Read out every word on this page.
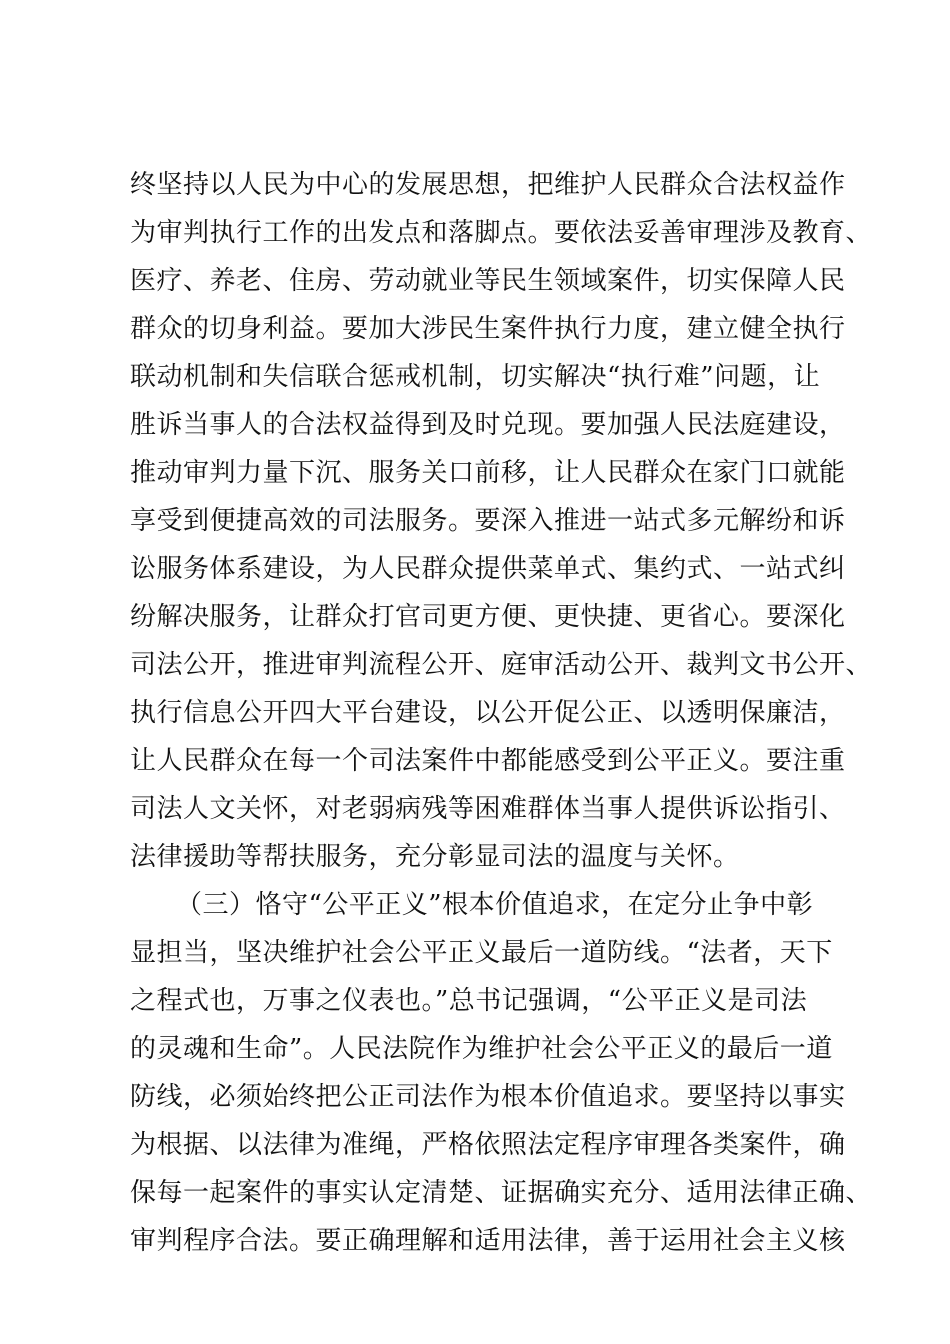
终坚持以人民为中心的发展思想，把维护人民群众合法权益作
为审判执行工作的出发点和落脚点。要依法妥善审理涉及教育、
医疗、养老、住房、劳动就业等民生领域案件，切实保障人民
群众的切身利益。要加大涉民生案件执行力度，建立健全执行
联动机制和失信联合惩戒机制，切实解决“执行难”问题，让
胜诉当事人的合法权益得到及时兑现。要加强人民法庭建设，
推动审判力量下沉、服务关口前移，让人民群众在家门口就能
享受到便捷高效的司法服务。要深入推进一站式多元解纷和诉
讼服务体系建设，为人民群众提供菜单式、集约式、一站式纠
纷解决服务，让群众打官司更方便、更快捷、更省心。要深化
司法公开，推进审判流程公开、庭审活动公开、裁判文书公开、
执行信息公开四大平台建设，以公开促公正、以透明保廉洁，
让人民群众在每一个司法案件中都能感受到公平正义。要注重
司法人文关怀，对老弱病残等困难群体当事人提供诉讼指引、
法律援助等帮扶服务，充分彰显司法的温度与关怀。
（三）恪守“公平正义”根本价值追求，在定分止争中彰
显担当，坚决维护社会公平正义最后一道防线。“法者，天下
之程式也，万事之仪表也。”总书记强调，“公平正义是司法
的灵魂和生命”。人民法院作为维护社会公平正义的最后一道
防线，必须始终把公正司法作为根本价值追求。要坚持以事实
为根据、以法律为准绳，严格依照法定程序审理各类案件，确
保每一起案件的事实认定清楚、证据确实充分、适用法律正确、
审判程序合法。要正确理解和适用法律，善于运用社会主义核
